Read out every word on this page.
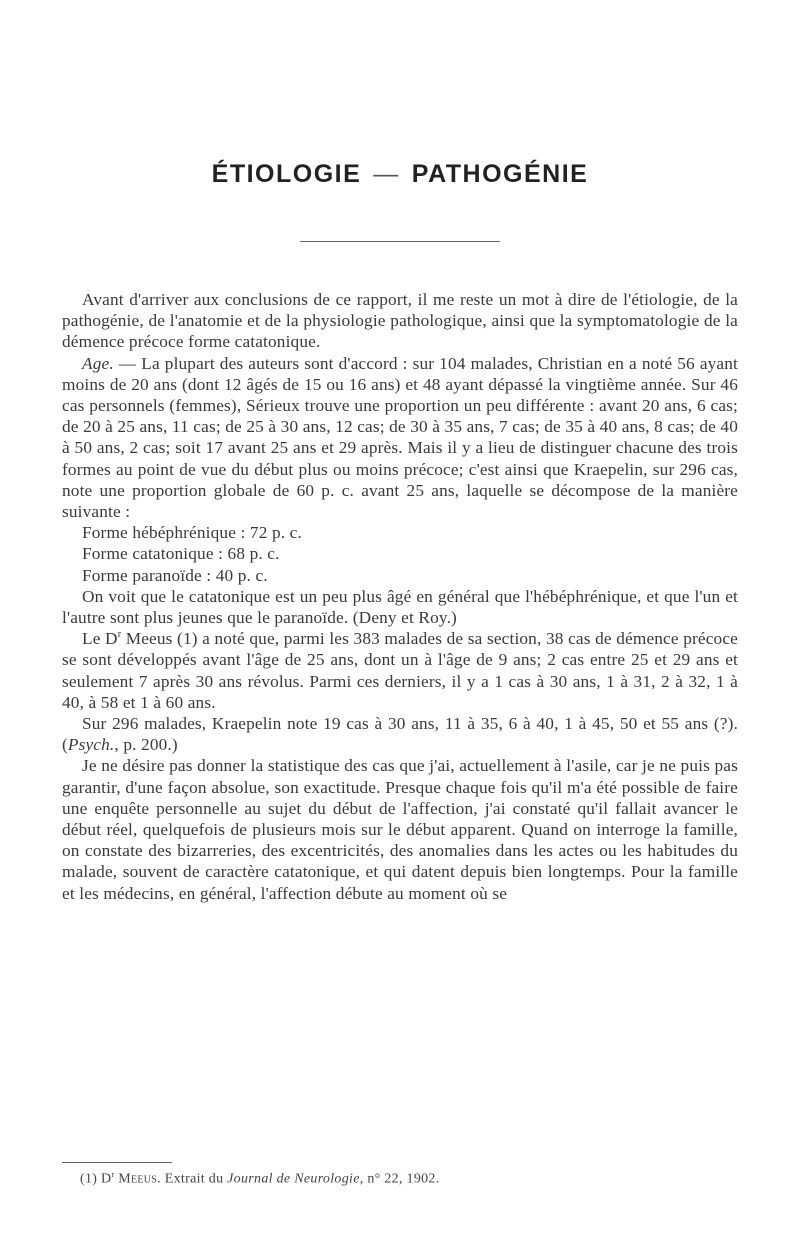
ÉTIOLOGIE — PATHOGÉNIE

Avant d'arriver aux conclusions de ce rapport, il me reste un mot à dire de l'étiologie, de la pathogénie, de l'anatomie et de la physiologie pathologique, ainsi que la symptomatologie de la démence précoce forme catatonique.

Age. — La plupart des auteurs sont d'accord : sur 104 malades, Christian en a noté 56 ayant moins de 20 ans (dont 12 âgés de 15 ou 16 ans) et 48 ayant dépassé la vingtième année. Sur 46 cas personnels (femmes), Sérieux trouve une proportion un peu différente : avant 20 ans, 6 cas; de 20 à 25 ans, 11 cas; de 25 à 30 ans, 12 cas; de 30 à 35 ans, 7 cas; de 35 à 40 ans, 8 cas; de 40 à 50 ans, 2 cas; soit 17 avant 25 ans et 29 après. Mais il y a lieu de distinguer chacune des trois formes au point de vue du début plus ou moins précoce; c'est ainsi que Kraepelin, sur 296 cas, note une proportion globale de 60 p. c. avant 25 ans, laquelle se décompose de la manière suivante :

Forme hébéphrénique : 72 p. c.
Forme catatonique : 68 p. c.
Forme paranoïde : 40 p. c.

On voit que le catatonique est un peu plus âgé en général que l'hébéphrénique, et que l'un et l'autre sont plus jeunes que le paranoïde. (Deny et Roy.)

Le $D^r$ Meeus (1) a noté que, parmi les 383 malades de sa section, 38 cas de démence précoce se sont développés avant l'âge de 25 ans, dont un à l'âge de 9 ans; 2 cas entre 25 et 29 ans et seulement 7 après 30 ans révolus. Parmi ces derniers, il y a 1 cas à 30 ans, 1 à 31, 2 à 32, 1 à 40, à 58 et 1 à 60 ans.

Sur 296 malades, Kraepelin note 19 cas à 30 ans, 11 à 35, 6 à 40, 1 à 45, 50 et 55 ans (?). (Psych., p. 200.)

Je ne désire pas donner la statistique des cas que j'ai, actuellement à l'asile, car je ne puis pas garantir, d'une façon absolue, son exactitude. Presque chaque fois qu'il m'a été possible de faire une enquête personnelle au sujet du début de l'affection, j'ai constaté qu'il fallait avancer le début réel, quelquefois de plusieurs mois sur le début apparent. Quand on interroge la famille, on constate des bizarreries, des excentricités, des anomalies dans les actes ou les habitudes du malade, souvent de caractère catatonique, et qui datent depuis bien longtemps. Pour la famille et les médecins, en général, l'affection débute au moment où se

(1) $D^r$ Meeus. Extrait du Journal de Neurologie, n° 22, 1902.
